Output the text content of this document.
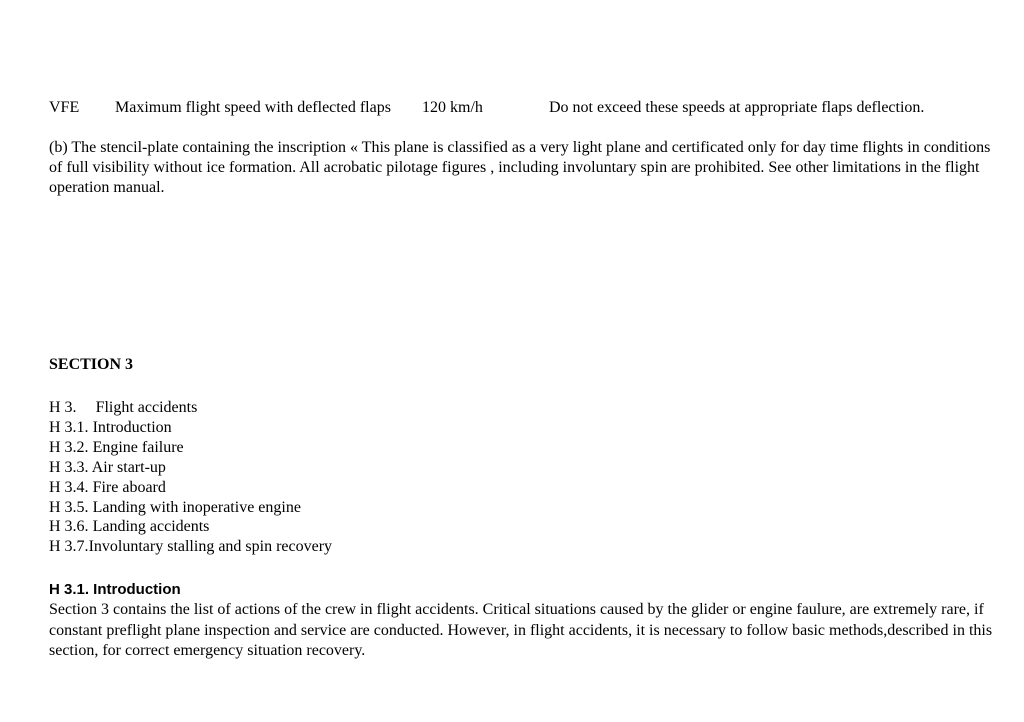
VFE Maximum flight speed with deflected flaps 120 km/h	Do not exceed these speeds at appropriate flaps deflection.
(b) The stencil-plate containing the inscription « This plane is classified as a very light plane and certificated only for day time flights in conditions of full visibility without ice formation. All acrobatic pilotage figures , including involuntary spin are prohibited. See other limitations in the flight operation manual.
SECTION 3
H 3. Flight accidents
H 3.1. Introduction
H 3.2. Engine failure
H 3.3. Air start-up
H 3.4. Fire aboard
H 3.5. Landing with inoperative engine
H 3.6. Landing accidents
H 3.7.Involuntary stalling and spin recovery
H 3.1. Introduction
Section 3 contains the list of actions of the crew in flight accidents. Critical situations caused by the glider or engine faulure, are extremely rare, if constant preflight plane inspection and service are conducted. However, in flight accidents, it is necessary to follow basic methods,described in this section, for correct emergency situation recovery.
